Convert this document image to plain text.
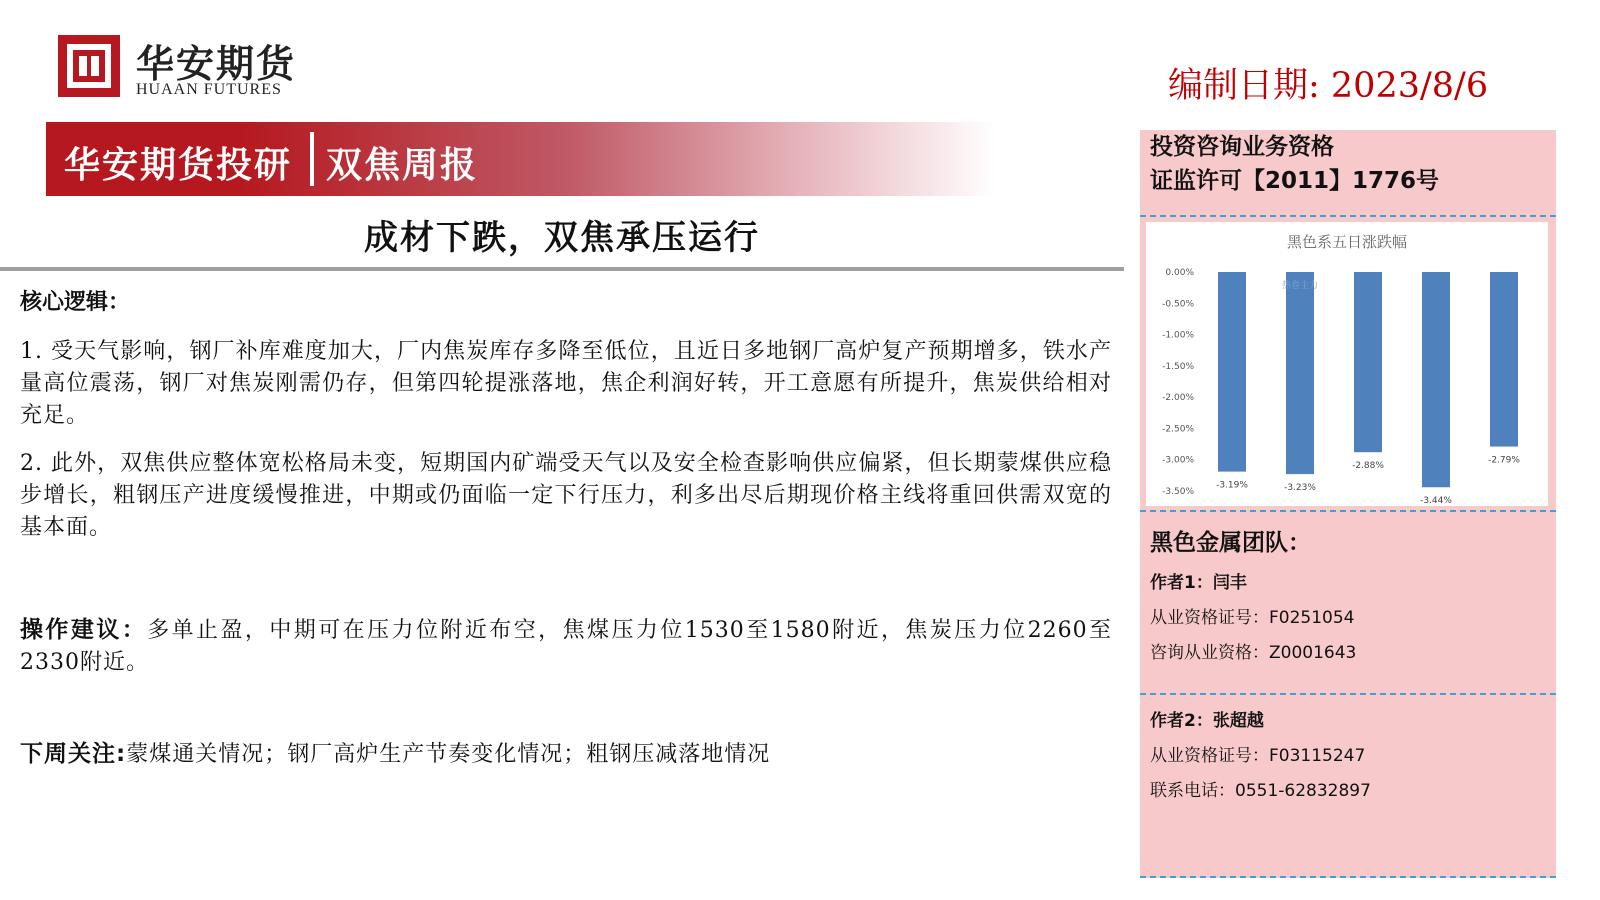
华安期货
HUAAN FUTURES	编制日期: 2023/8/6
华安期货投研 双焦周报
成材下跌，双焦承压运行
核心逻辑：

1. 受天气影响，钢厂补库难度加大，厂内焦炭库存多降至低位，且近日多地钢厂高炉复产预期增多，铁水产量高位震荡，钢厂对焦炭刚需仍存，但第四轮提涨落地，焦企利润好转，开工意愿有所提升，焦炭供给相对充足。

2. 此外，双焦供应整体宽松格局未变，短期国内矿端受天气以及安全检查影响供应偏紧，但长期蒙煤供应稳步增长，粗钢压产进度缓慢推进，中期或仍面临一定下行压力，利多出尽后期现价格主线将重回供需双宽的基本面。

操作建议：多单止盈，中期可在压力位附近布空，焦煤压力位1530至1580附近，焦炭压力位2260至2330附近。
下周关注:蒙煤通关情况；钢厂高炉生产节奏变化情况；粗钢压减落地情况
投资咨询业务资格
证监许可【2011】1776号
黑色系五日涨跌幅
0.00%
-0.50%
-1.00%
-1.50%
-2.00%
-2.50%
-3.00%
-3.50%
-3.19%	-3.23%
热卷主力
-2.88%
-3.44%
-2.79%
黑色金属团队：
作者1：闫丰
从业资格证号：F0251054
咨询从业资格：Z0001643
作者2：张超越
从业资格证号：F03115247
联系电话：0551-62832897
